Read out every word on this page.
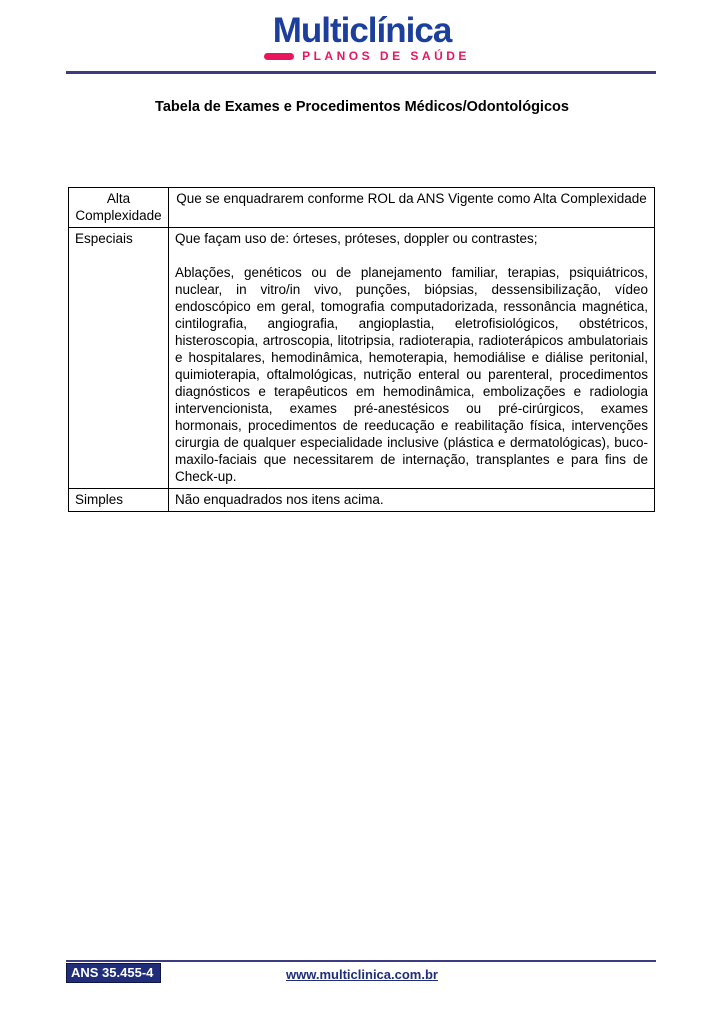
Multiclínica
PLANOS DE SAÚDE
Tabela de Exames e Procedimentos Médicos/Odontológicos
Alta Complexidade	Que se enquadrarem conforme ROL da ANS Vigente como Alta Complexidade
Especiais	Que façam uso de: órteses, próteses, doppler ou contrastes;

Ablações, genéticos ou de planejamento familiar, terapias, psiquiátricos, nuclear, in vitro/in vivo, punções, biópsias, dessensibilização, vídeo endoscópico em geral, tomografia computadorizada, ressonância magnética, cintilografia, angiografia, angioplastia, eletrofisiológicos, obstétricos, histeroscopia, artroscopia, litotripsia, radioterapia, radioterápicos ambulatoriais e hospitalares, hemodinâmica, hemoterapia, hemodiálise e diálise peritonial, quimioterapia, oftalmológicas, nutrição enteral ou parenteral, procedimentos diagnósticos e terapêuticos em hemodinâmica, embolizações e radiologia intervencionista, exames pré-anestésicos ou pré-cirúrgicos, exames hormonais, procedimentos de reeducação e reabilitação física, intervenções cirurgia de qualquer especialidade inclusive (plástica e dermatológicas), buco-maxilo-faciais que necessitarem de internação, transplantes e para fins de Check-up.

Simples	Não enquadrados nos itens acima.
ANS 35.455-4	www.multiclinica.com.br
